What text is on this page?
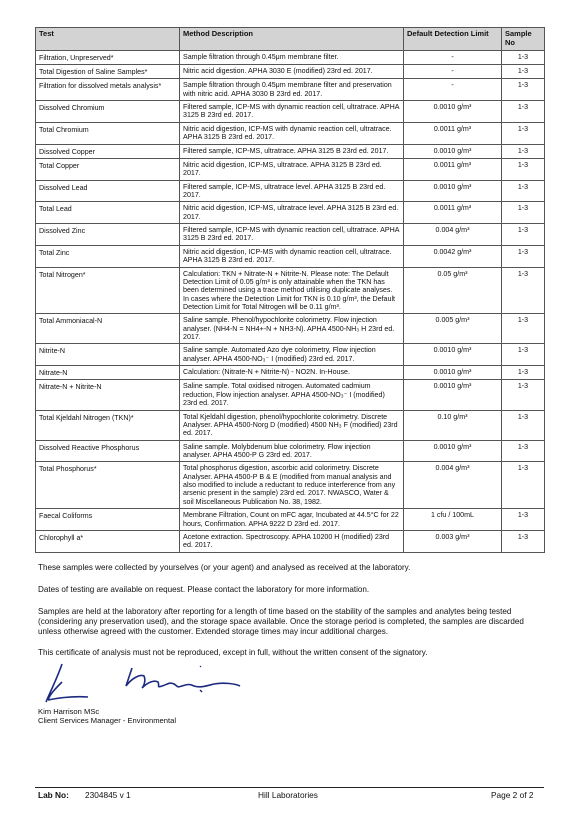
Test	Method Description	Default Detection Limit	Sample No
Filtration, Unpreserved*	Sample filtration through 0.45μm membrane filter.	-	1-3
Total Digestion of Saline Samples*	Nitric acid digestion. APHA 3030 E (modified) 23rd ed. 2017.	-	1-3
Filtration for dissolved metals analysis*	Sample filtration through 0.45μm membrane filter and preservation with nitric acid. APHA 3030 B 23rd ed. 2017.	-	1-3
Dissolved Chromium	Filtered sample, ICP-MS with dynamic reaction cell, ultratrace. APHA 3125 B 23rd ed. 2017.	0.0010 g/m³	1-3
Total Chromium	Nitric acid digestion, ICP-MS with dynamic reaction cell, ultratrace. APHA 3125 B 23rd ed. 2017.	0.0011 g/m³	1-3
Dissolved Copper	Filtered sample, ICP-MS, ultratrace. APHA 3125 B 23rd ed. 2017.	0.0010 g/m³	1-3
Total Copper	Nitric acid digestion, ICP-MS, ultratrace. APHA 3125 B 23rd ed. 2017.	0.0011 g/m³	1-3
Dissolved Lead	Filtered sample, ICP-MS, ultratrace level. APHA 3125 B 23rd ed. 2017.	0.0010 g/m³	1-3
Total Lead	Nitric acid digestion, ICP-MS, ultratrace level. APHA 3125 B 23rd ed. 2017.	0.0011 g/m³	1-3
Dissolved Zinc	Filtered sample, ICP-MS with dynamic reaction cell, ultratrace. APHA 3125 B 23rd ed. 2017.	0.004 g/m³	1-3
Total Zinc	Nitric acid digestion, ICP-MS with dynamic reaction cell, ultratrace. APHA 3125 B 23rd ed. 2017.	0.0042 g/m³	1-3
Total Nitrogen*	Calculation: TKN + Nitrate-N + Nitrite-N. Please note: The Default Detection Limit of 0.05 g/m³ is only attainable when the TKN has been determined using a trace method utilising duplicate analyses. In cases where the Detection Limit for TKN is 0.10 g/m³, the Default Detection Limit for Total Nitrogen will be 0.11 g/m³.	0.05 g/m³	1-3
Total Ammoniacal-N	Saline sample. Phenol/hypochlorite colorimetry. Flow injection analyser. (NH4-N = NH4+-N + NH3-N). APHA 4500-NH₃ H 23rd ed. 2017.	0.005 g/m³	1-3
Nitrite-N	Saline sample. Automated Azo dye colorimetry, Flow injection analyser. APHA 4500-NO₃⁻ I (modified) 23rd ed. 2017.	0.0010 g/m³	1-3
Nitrate-N	Calculation: (Nitrate-N + Nitrite-N) - NO2N. In-House.	0.0010 g/m³	1-3
Nitrate-N + Nitrite-N	Saline sample. Total oxidised nitrogen. Automated cadmium reduction, Flow injection analyser. APHA 4500-NO₃⁻ I (modified) 23rd ed. 2017.	0.0010 g/m³	1-3
Total Kjeldahl Nitrogen (TKN)*	Total Kjeldahl digestion, phenol/hypochlorite colorimetry. Discrete Analyser. APHA 4500-Norg D (modified) 4500 NH₃ F (modified) 23rd ed. 2017.	0.10 g/m³	1-3
Dissolved Reactive Phosphorus	Saline sample. Molybdenum blue colorimetry. Flow injection analyser. APHA 4500-P G 23rd ed. 2017.	0.0010 g/m³	1-3
Total Phosphorus*	Total phosphorus digestion, ascorbic acid colorimetry. Discrete Analyser. APHA 4500-P B & E (modified from manual analysis and also modified to include a reductant to reduce interference from any arsenic present in the sample) 23rd ed. 2017. NWASCO, Water & soil Miscellaneous Publication No. 38, 1982.	0.004 g/m³	1-3
Faecal Coliforms	Membrane Filtration, Count on mFC agar, Incubated at 44.5°C for 22 hours, Confirmation. APHA 9222 D 23rd ed. 2017.	1 cfu / 100mL	1-3
Chlorophyll a*	Acetone extraction. Spectroscopy. APHA 10200 H (modified) 23rd ed. 2017.	0.003 g/m³	1-3

These samples were collected by yourselves (or your agent) and analysed as received at the laboratory.

Dates of testing are available on request. Please contact the laboratory for more information.

Samples are held at the laboratory after reporting for a length of time based on the stability of the samples and analytes being tested (considering any preservation used), and the storage space available. Once the storage period is completed, the samples are discarded unless otherwise agreed with the customer. Extended storage times may incur additional charges.

This certificate of analysis must not be reproduced, except in full, without the written consent of the signatory.

Kim Harrison MSc
Client Services Manager - Environmental
Lab No: 2304845 v 1	Hill Laboratories	Page 2 of 2
